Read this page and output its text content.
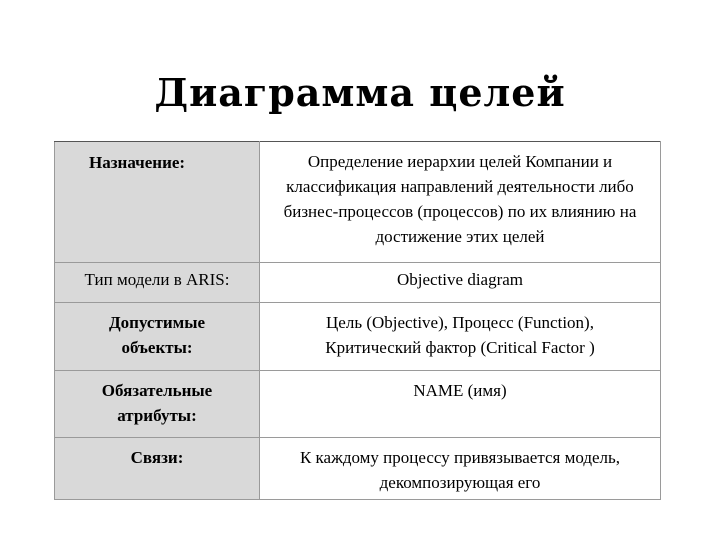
Диаграмма целей
Назначение:	Определение иерархии целей Компании и классификация направлений деятельности либо бизнес-процессов (процессов) по их влиянию на достижение этих целей

Тип модели в ARIS:	Objective diagram

Допустимые объекты:	Цель (Objective), Процесс (Function), Критический фактор (Critical Factor )

Обязательные атрибуты:	NAME (имя)

Связи:	К каждому процессу привязывается модель, декомпозирующая его
